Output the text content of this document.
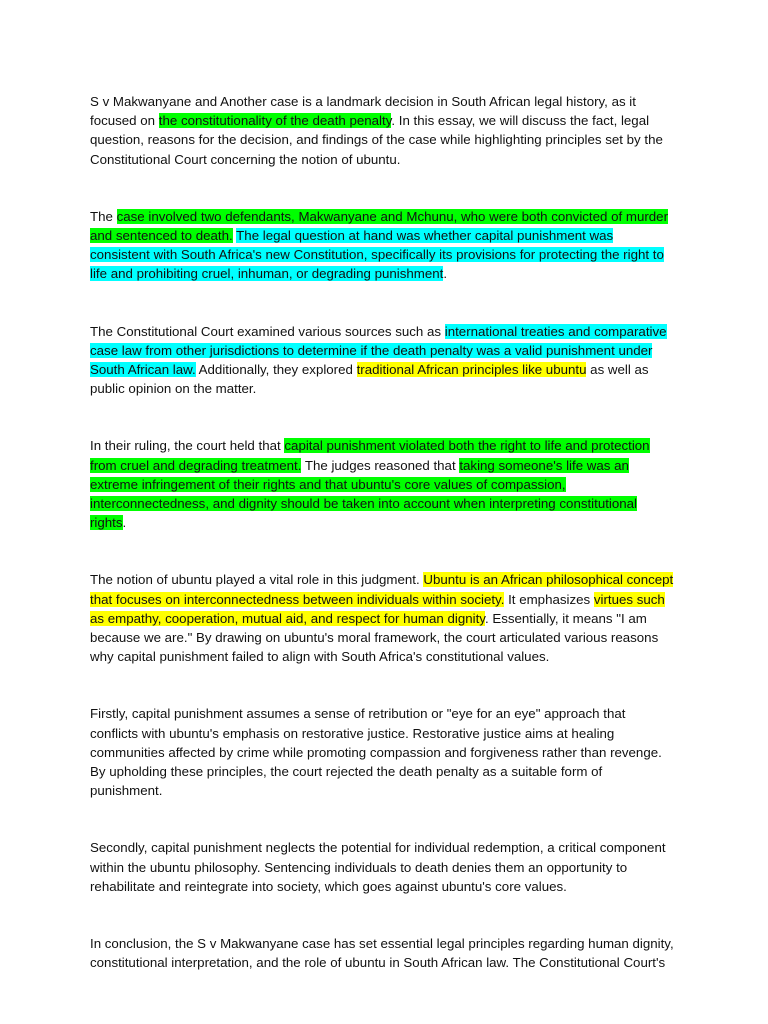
S v Makwanyane and Another case is a landmark decision in South African legal history, as it focused on the constitutionality of the death penalty. In this essay, we will discuss the fact, legal question, reasons for the decision, and findings of the case while highlighting principles set by the Constitutional Court concerning the notion of ubuntu.

The case involved two defendants, Makwanyane and Mchunu, who were both convicted of murder and sentenced to death. The legal question at hand was whether capital punishment was consistent with South Africa's new Constitution, specifically its provisions for protecting the right to life and prohibiting cruel, inhuman, or degrading punishment.

The Constitutional Court examined various sources such as international treaties and comparative case law from other jurisdictions to determine if the death penalty was a valid punishment under South African law. Additionally, they explored traditional African principles like ubuntu as well as public opinion on the matter.

In their ruling, the court held that capital punishment violated both the right to life and protection from cruel and degrading treatment. The judges reasoned that taking someone's life was an extreme infringement of their rights and that ubuntu's core values of compassion, interconnectedness, and dignity should be taken into account when interpreting constitutional rights.

The notion of ubuntu played a vital role in this judgment. Ubuntu is an African philosophical concept that focuses on interconnectedness between individuals within society. It emphasizes virtues such as empathy, cooperation, mutual aid, and respect for human dignity. Essentially, it means "I am because we are." By drawing on ubuntu's moral framework, the court articulated various reasons why capital punishment failed to align with South Africa's constitutional values.

Firstly, capital punishment assumes a sense of retribution or "eye for an eye" approach that conflicts with ubuntu's emphasis on restorative justice. Restorative justice aims at healing communities affected by crime while promoting compassion and forgiveness rather than revenge. By upholding these principles, the court rejected the death penalty as a suitable form of punishment.

Secondly, capital punishment neglects the potential for individual redemption, a critical component within the ubuntu philosophy. Sentencing individuals to death denies them an opportunity to rehabilitate and reintegrate into society, which goes against ubuntu's core values.

In conclusion, the S v Makwanyane case has set essential legal principles regarding human dignity, constitutional interpretation, and the role of ubuntu in South African law. The Constitutional Court's
